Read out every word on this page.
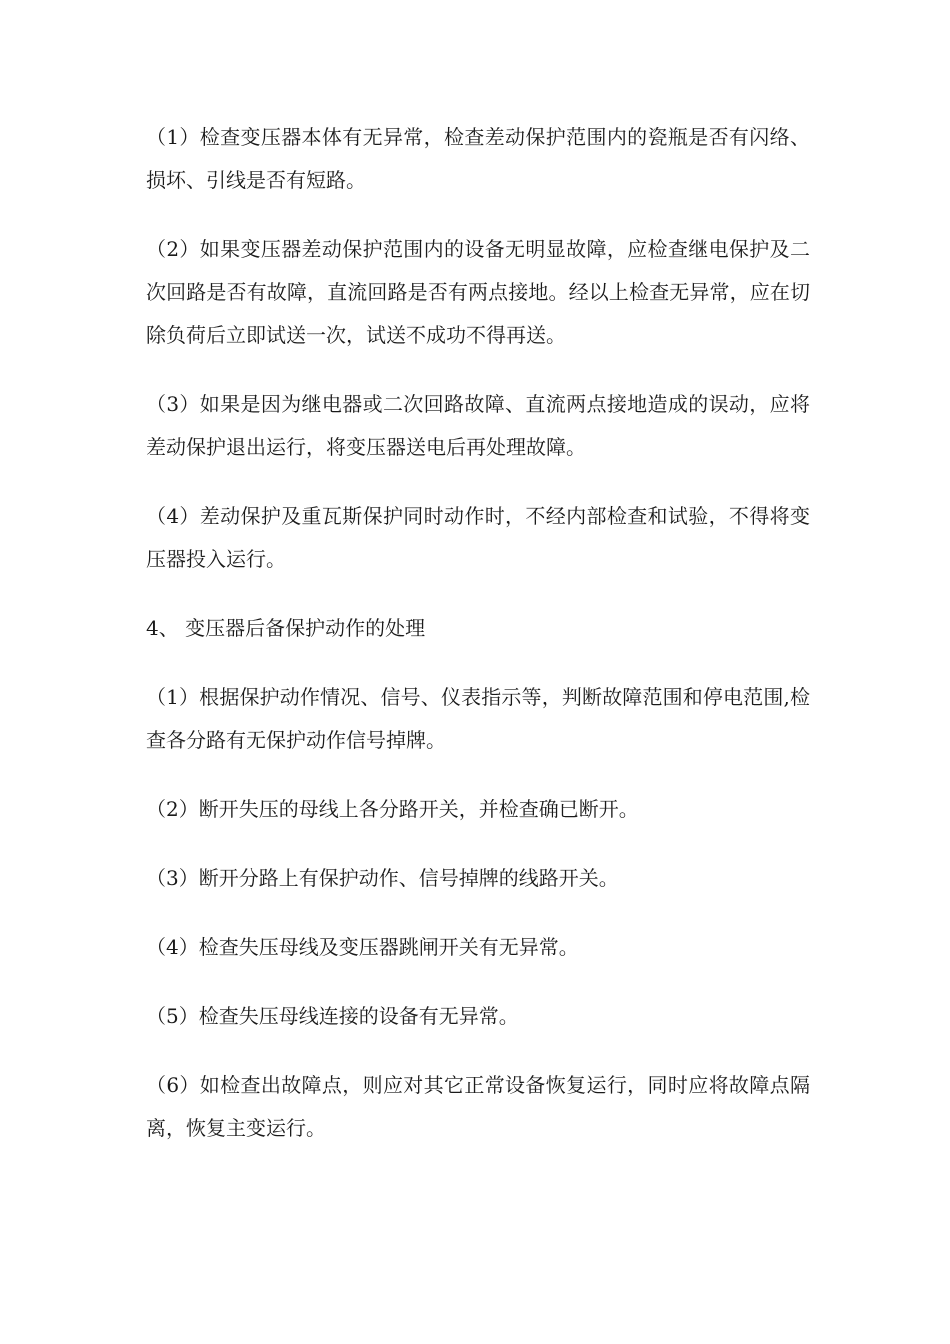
（1）检查变压器本体有无异常，检查差动保护范围内的瓷瓶是否有闪络、损坏、引线是否有短路。

（2）如果变压器差动保护范围内的设备无明显故障，应检查继电保护及二次回路是否有故障，直流回路是否有两点接地。经以上检查无异常，应在切除负荷后立即试送一次，试送不成功不得再送。

（3）如果是因为继电器或二次回路故障、直流两点接地造成的误动，应将差动保护退出运行，将变压器送电后再处理故障。

（4）差动保护及重瓦斯保护同时动作时，不经内部检查和试验，不得将变压器投入运行。

4、 变压器后备保护动作的处理

（1）根据保护动作情况、信号、仪表指示等，判断故障范围和停电范围,检查各分路有无保护动作信号掉牌。

（2）断开失压的母线上各分路开关，并检查确已断开。

（3）断开分路上有保护动作、信号掉牌的线路开关。

（4）检查失压母线及变压器跳闸开关有无异常。

（5）检查失压母线连接的设备有无异常。

（6）如检查出故障点，则应对其它正常设备恢复运行，同时应将故障点隔离，恢复主变运行。
